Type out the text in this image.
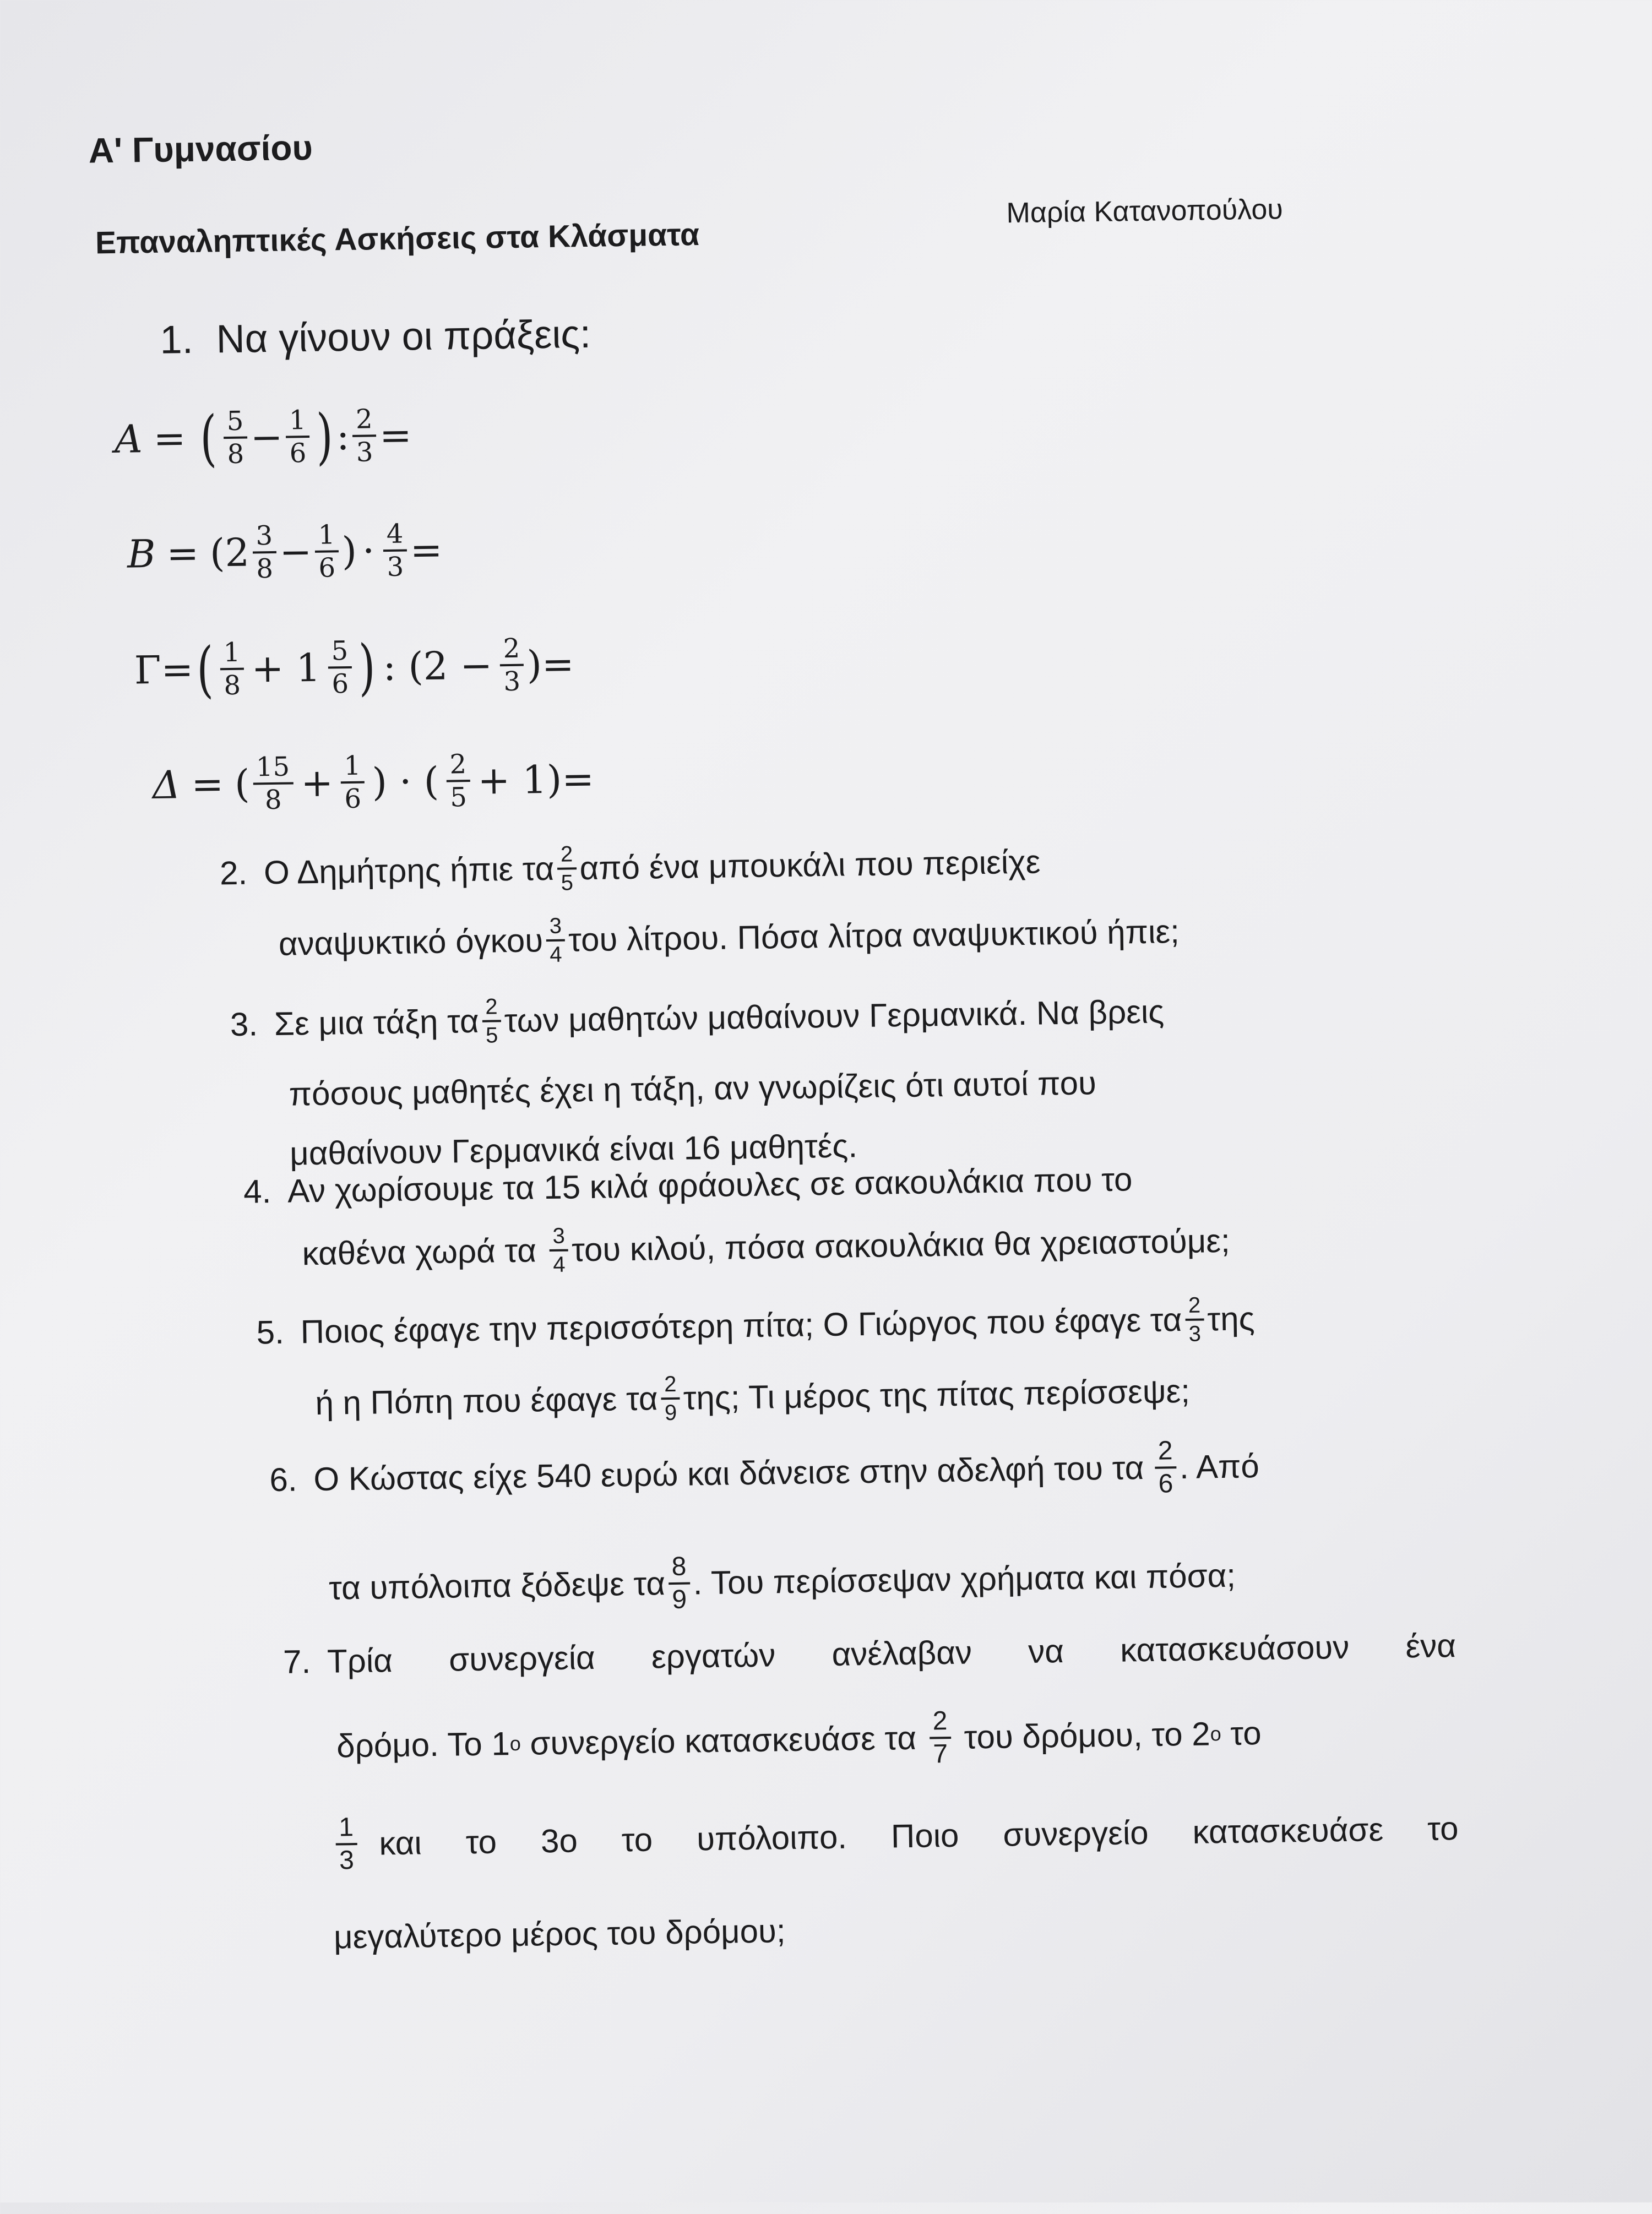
Α' Γυμνασίου
Μαρία Κατανοπούλου
Επαναληπτικές Ασκήσεις στα Κλάσματα
1. Να γίνουν οι πράξεις:
A = ( $\frac{5}{8} - \frac{1}{6}$ ) : $\frac{2}{3}$ =
$B = (2 \frac{3}{8} - \frac{1}{6}$ ) · $\frac{4}{3}$ =
Γ= ( $\frac{1}{8} + 1 \frac{5}{6}$ ) : ($2 - \frac{2}{3}$ )=
Δ = ( $\frac{15}{8} + \frac{1}{6}$ ) · ( $\frac{2}{5} + 1)=$
2. Ο Δημήτρης ήπιε τα $\frac{2}{5}$ από ένα μπουκάλι που περιείχε
αναψυκτικό όγκου $\frac{3}{4}$ του λίτρου. Πόσα λίτρα αναψυκτικού ήπιε;
3. Σε μια τάξη τα $\frac{2}{5}$ των μαθητών μαθαίνουν Γερμανικά. Να βρεις
πόσους μαθητές έχει η τάξη, αν γνωρίζεις ότι αυτοί που
μαθαίνουν Γερμανικά είναι 16 μαθητές.
4. Αν χωρίσουμε τα 15 κιλά φράουλες σε σακουλάκια που το
καθένα χωρά τα $\frac{3}{4}$ του κιλού, πόσα σακουλάκια θα χρειαστούμε;
5. Ποιος έφαγε την περισσότερη πίτα; Ο Γιώργος που έφαγε τα $\frac{2}{3}$ της
ή η Πόπη που έφαγε τα $\frac{2}{9} \tau\eta\varsigma$; Τι μέρος της πίτας περίσσεψε;
6. Ο Κώστας είχε 540 ευρώ και δάνεισε στην αδελφή του τα $\frac{2}{6}$ . Από
τα υπόλοιπα ξόδεψε τα $\frac{8}{9}$ . Του περίσσεψαν χρήματα και πόσα;
7. Τρία συνεργεία εργατών ανέλαβαν να κατασκευάσουν ένα
δρόμο. Το 1 ο συνεργείο κατασκευάσε τα $\frac{2}{7}$ του δρόμου, το 2 ο το
$\frac{1}{3}$ και το 3ο το υπόλοιπο. Ποιο συνεργείο κατασκευάσε το
μεγαλύτερο μέρος του δρόμου;
